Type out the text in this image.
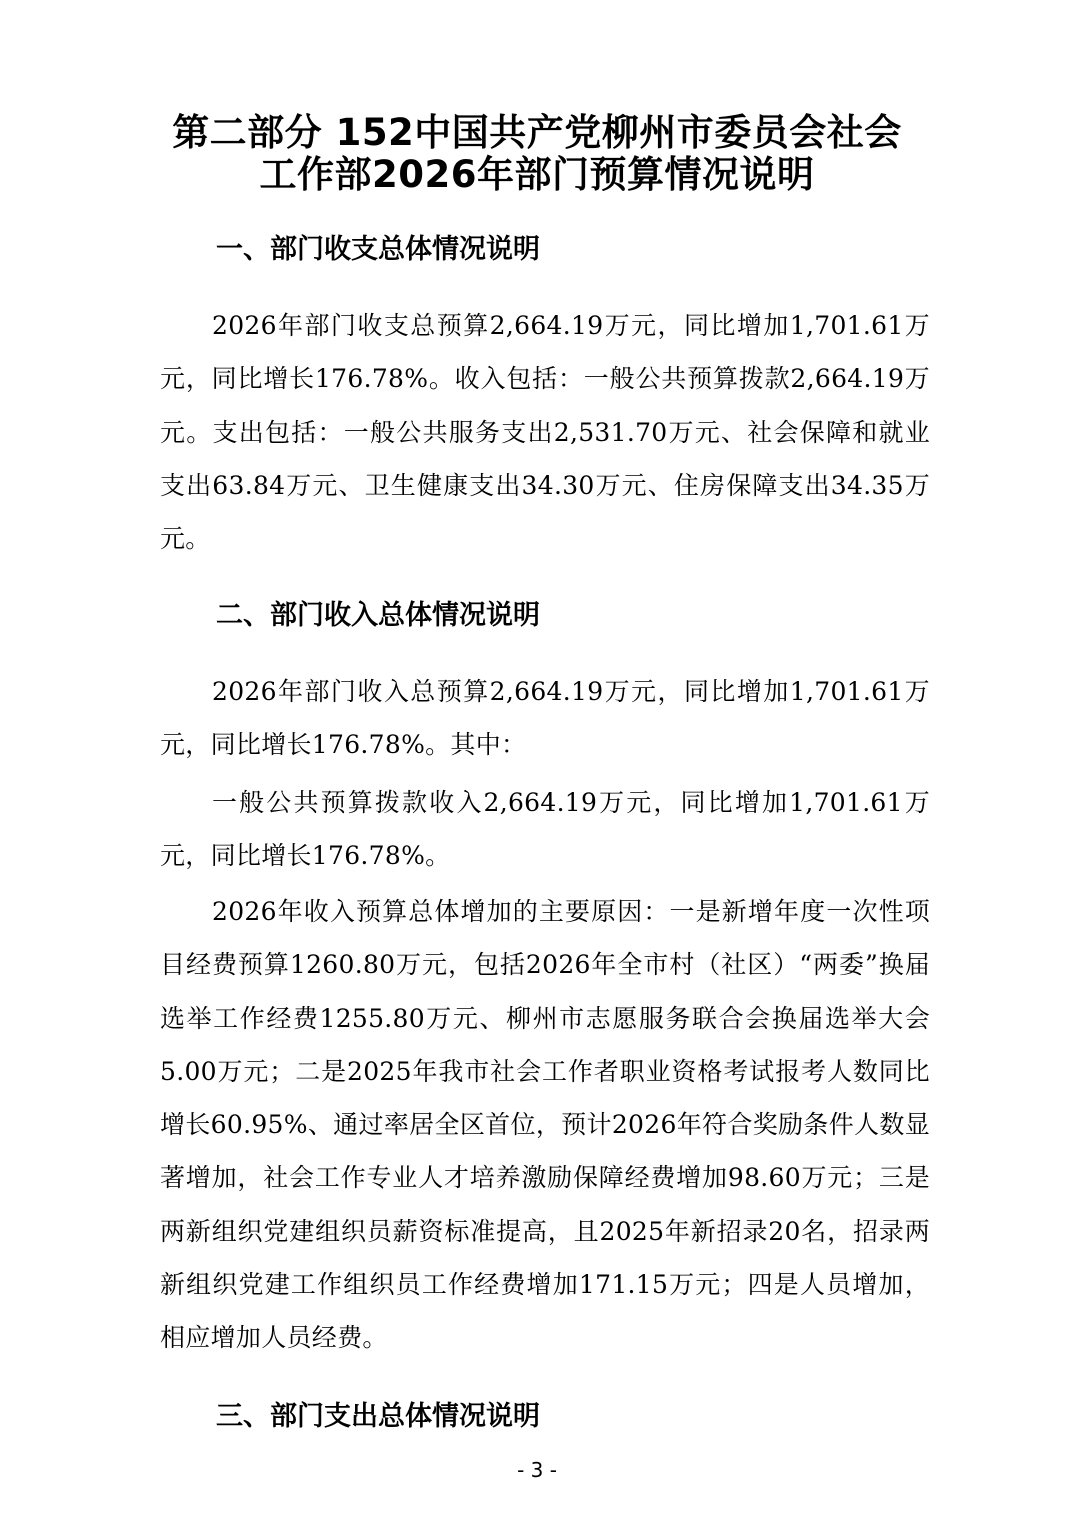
第二部分 152中国共产党柳州市委员会社会
工作部2026年部门预算情况说明
一、部门收支总体情况说明
2026年部门收支总预算2,664.19万元，同比增加1,701.61万元，同比增长176.78%。收入包括：一般公共预算拨款2,664.19万元。支出包括：一般公共服务支出2,531.70万元、社会保障和就业支出63.84万元、卫生健康支出34.30万元、住房保障支出34.35万元。
二、部门收入总体情况说明
2026年部门收入总预算2,664.19万元，同比增加1,701.61万元，同比增长176.78%。其中：
一般公共预算拨款收入2,664.19万元，同比增加1,701.61万元，同比增长176.78%。
2026年收入预算总体增加的主要原因：一是新增年度一次性项目经费预算1260.80万元，包括2026年全市村（社区）“两委”换届选举工作经费1255.80万元、柳州市志愿服务联合会换届选举大会5.00万元；二是2025年我市社会工作者职业资格考试报考人数同比增长60.95%、通过率居全区首位，预计2026年符合奖励条件人数显著增加，社会工作专业人才培养激励保障经费增加98.60万元；三是两新组织党建组织员薪资标准提高，且2025年新招录20名，招录两新组织党建工作组织员工作经费增加171.15万元；四是人员增加，相应增加人员经费。
三、部门支出总体情况说明
- 3 -
